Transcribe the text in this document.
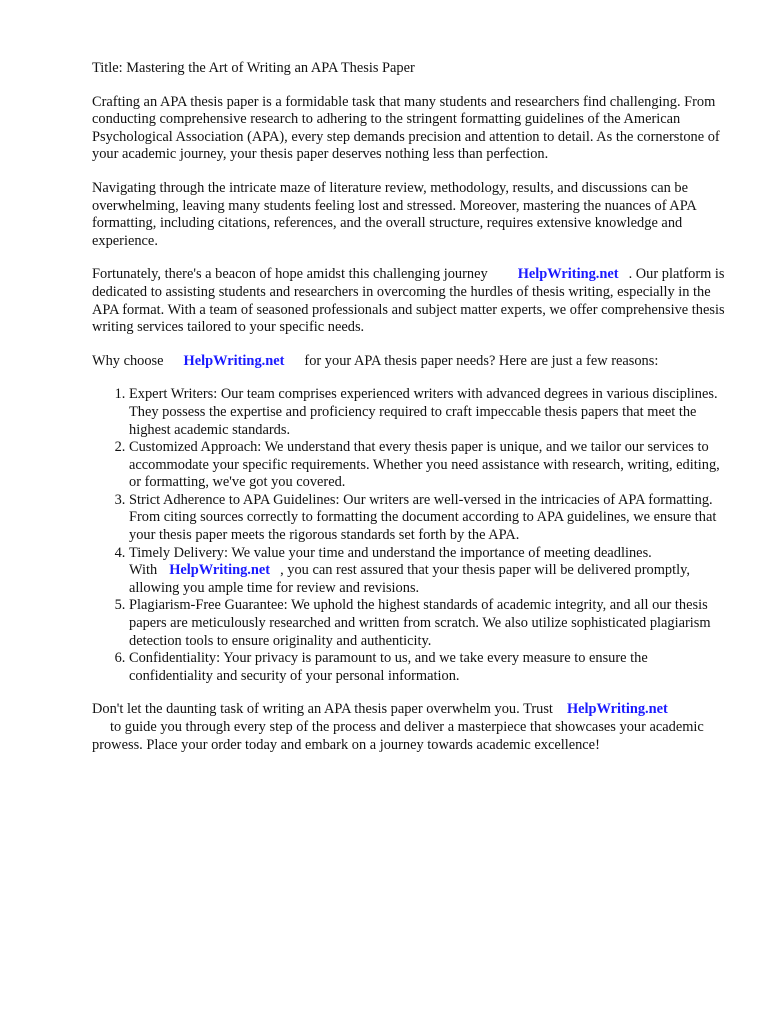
Title: Mastering the Art of Writing an APA Thesis Paper

Crafting an APA thesis paper is a formidable task that many students and researchers find challenging. From conducting comprehensive research to adhering to the stringent formatting guidelines of the American Psychological Association (APA), every step demands precision and attention to detail. As the cornerstone of your academic journey, your thesis paper deserves nothing less than perfection.

Navigating through the intricate maze of literature review, methodology, results, and discussions can be overwhelming, leaving many students feeling lost and stressed. Moreover, mastering the nuances of APA formatting, including citations, references, and the overall structure, requires extensive knowledge and experience.

Fortunately, there's a beacon of hope amidst this challenging journey HelpWriting.net . Our platform is dedicated to assisting students and researchers in overcoming the hurdles of thesis writing, especially in the APA format. With a team of seasoned professionals and subject matter experts, we offer comprehensive thesis writing services tailored to your specific needs.

Why choose HelpWriting.net for your APA thesis paper needs? Here are just a few reasons:

1. Expert Writers: Our team comprises experienced writers with advanced degrees in various disciplines. They possess the expertise and proficiency required to craft impeccable thesis papers that meet the highest academic standards.
2. Customized Approach: We understand that every thesis paper is unique, and we tailor our services to accommodate your specific requirements. Whether you need assistance with research, writing, editing, or formatting, we've got you covered.
3. Strict Adherence to APA Guidelines: Our writers are well-versed in the intricacies of APA formatting. From citing sources correctly to formatting the document according to APA guidelines, we ensure that your thesis paper meets the rigorous standards set forth by the APA.
4. Timely Delivery: We value your time and understand the importance of meeting deadlines. With HelpWriting.net , you can rest assured that your thesis paper will be delivered promptly, allowing you ample time for review and revisions.
5. Plagiarism-Free Guarantee: We uphold the highest standards of academic integrity, and all our thesis papers are meticulously researched and written from scratch. We also utilize sophisticated plagiarism detection tools to ensure originality and authenticity.
6. Confidentiality: Your privacy is paramount to us, and we take every measure to ensure the confidentiality and security of your personal information.

Don't let the daunting task of writing an APA thesis paper overwhelm you. Trust HelpWriting.net
to guide you through every step of the process and deliver a masterpiece that showcases your academic prowess. Place your order today and embark on a journey towards academic excellence!
